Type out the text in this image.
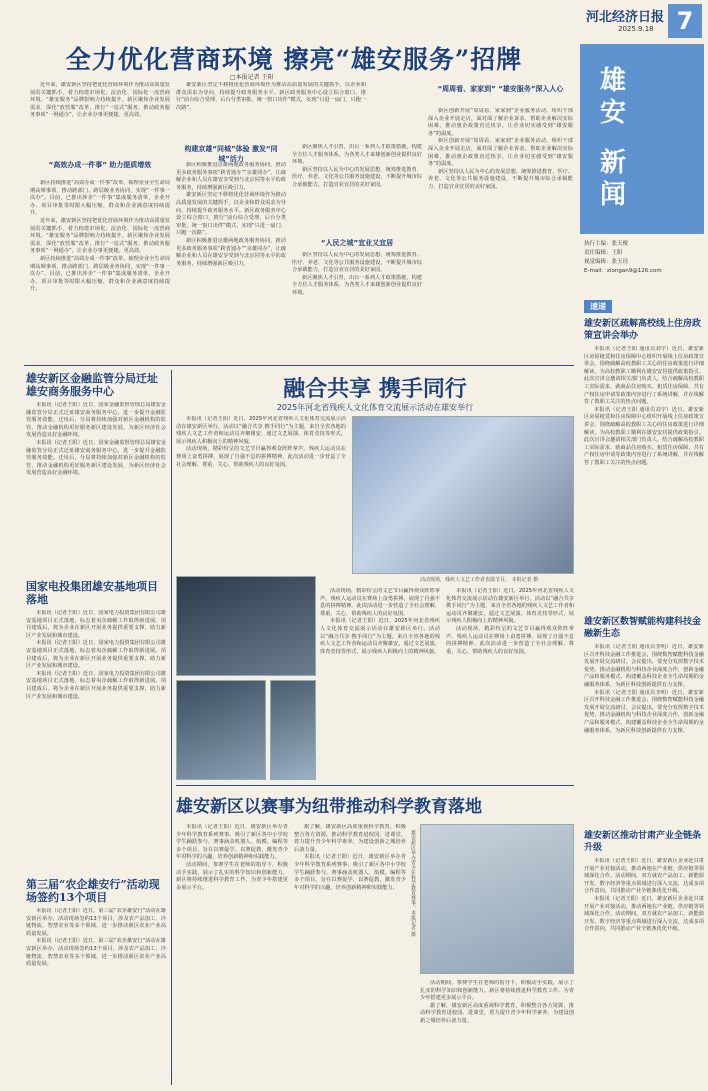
河北经济日报
2025.9.18 7
全力优化营商环境 擦亮“雄安服务”招牌
□本报记者 王阳

近年来，雄安新区坚持把优化营商环境作为推动高质量发展的关键抓手，着力构建市场化、法治化、国际化一流营商环境，“雄安服务”品牌影响力持续提升。新区聚焦企业发展需求，深化“放管服”改革，推行“一站式”服务，推动政务服务事项“一网通办”，让企业办事更便捷、更高效。

“高效办成一件事” 助力提质增效

新区持续推进“高效办成一件事”改革，梳理企业全生命周期高频事项，推动跨部门、跨层级业务协同，实现“一件事一次办”。目前，已推出涉企“一件事”集成服务清单，企业开办、项目审批等时限大幅压缩，群众和企业满意度持续提升。

近年来，雄安新区坚持把优化营商环境作为推动高质量发展的关键抓手，着力构建市场化、法治化、国际化一流营商环境，“雄安服务”品牌影响力持续提升。新区聚焦企业发展需求，深化“放管服”改革，推行“一站式”服务，推动政务服务事项“一网通办”，让企业办事更便捷、更高效。

新区持续推进“高效办成一件事”改革，梳理企业全生命周期高频事项，推动跨部门、跨层级业务协同，实现“一件事一次办”。目前，已推出涉企“一件事”集成服务清单，企业开办、项目审批等时限大幅压缩，群众和企业满意度持续提升。

雄安新区坚定不移将优化营商环境作为推动高质量发展的关键抓手，以企业和群众需求为导向，持续提升政务服务水平。新区政务服务中心设立综合窗口，推行“前台综合受理、后台分类审批、统一窗口出件”模式，实现“只进一扇门、只跑一次路”。

构建京雄“同城”体验 激发“同城”活力

新区积极推进京雄两地政务服务协同，推动更多政务服务事项“跨省通办”“京雄同办”，让疏解企业和人员在雄安享受到与北京同等水平的政务服务，持续增强新区吸引力。

雄安新区坚定不移将优化营商环境作为推动高质量发展的关键抓手，以企业和群众需求为导向，持续提升政务服务水平。新区政务服务中心设立综合窗口，推行“前台综合受理、后台分类审批、统一窗口出件”模式，实现“只进一扇门、只跑一次路”。

新区积极推进京雄两地政务服务协同，推动更多政务服务事项“跨省通办”“京雄同办”，让疏解企业和人员在雄安享受到与北京同等水平的政务服务，持续增强新区吸引力。

新区聚焦人才引育，出台一系列人才政策措施，构建全方位人才服务体系，为各类人才来雄创新创业提供良好环境。

新区坚持以人民为中心的发展思想，统筹推进教育、医疗、养老、文化等公共服务设施建设，不断提升城市综合承载能力，打造宜业宜居的美好家园。

“人民之城”宜业又宜居

新区坚持以人民为中心的发展思想，统筹推进教育、医疗、养老、文化等公共服务设施建设，不断提升城市综合承载能力，打造宜业宜居的美好家园。

新区聚焦人才引育，出台一系列人才政策措施，构建全方位人才服务体系，为各类人才来雄创新创业提供良好环境。

“周周看、家家到” “雄安服务”深入人心

新区创新开展“周周看、家家到”企业服务活动，组织干部深入企业开展走访，面对面了解企业诉求，帮助企业解决实际困难，推动惠企政策直达快享，让企业切实感受到“雄安服务”的温度。

新区创新开展“周周看、家家到”企业服务活动，组织干部深入企业开展走访，面对面了解企业诉求，帮助企业解决实际困难，推动惠企政策直达快享，让企业切实感受到“雄安服务”的温度。

新区坚持以人民为中心的发展思想，统筹推进教育、医疗、养老、文化等公共服务设施建设，不断提升城市综合承载能力，打造宜业宜居的美好家园。

雄安新区金融监管分局迁址雄安商务服务中心

本报讯（记者王阳）近日，国家金融监督管理总局雄安金融监管分局正式迁址雄安商务服务中心，进一步提升金融监管服务效能。迁址后，分局将持续加强对新区金融机构的监管，推动金融机构更好服务新区建设发展，为新区经济社会发展营造良好金融环境。

本报讯（记者王阳）近日，国家金融监督管理总局雄安金融监管分局正式迁址雄安商务服务中心，进一步提升金融监管服务效能。迁址后，分局将持续加强对新区金融机构的监管，推动金融机构更好服务新区建设发展，为新区经济社会发展营造良好金融环境。

国家电投集团雄安基地项目落地

本报讯（记者王阳）近日，国家电力投资集团有限公司雄安基地项目正式落地，标志着央企疏解工作取得新进展。项目建成后，将为企业在新区开展业务提供重要支撑，助力新区产业发展和城市建设。

本报讯（记者王阳）近日，国家电力投资集团有限公司雄安基地项目正式落地，标志着央企疏解工作取得新进展。项目建成后，将为企业在新区开展业务提供重要支撑，助力新区产业发展和城市建设。

本报讯（记者王阳）近日，国家电力投资集团有限公司雄安基地项目正式落地，标志着央企疏解工作取得新进展。项目建成后，将为企业在新区开展业务提供重要支撑，助力新区产业发展和城市建设。

第三届“农企雄安行”活动现场签约13个项目

本报讯（记者王阳）近日，第三届“农企雄安行”活动在雄安新区举办，活动现场签约13个项目，涉及农产品加工、冷链物流、智慧农业等多个领域，进一步推动新区农业产业高质量发展。

本报讯（记者王阳）近日，第三届“农企雄安行”活动在雄安新区举办，活动现场签约13个项目，涉及农产品加工、冷链物流、智慧农业等多个领域，进一步推动新区农业产业高质量发展。

融合共享 携手同行
2025年河北省残疾人文化体育交流展示活动在雄安举行
活动现场，残疾人文艺工作者表演节目。 本报记者 摄

本报讯（记者王阳）近日，2025年河北省残疾人文化体育交流展示活动在雄安新区举行。活动以“融合共享 携手同行”为主题，来自全省各地的残疾人文艺工作者和运动员齐聚雄安，通过文艺展演、体育竞技等形式，展示残疾人积极向上的精神风貌。

活动现场，精彩纷呈的文艺节目赢得观众阵阵掌声。残疾人运动员在赛场上奋勇拼搏，展现了自强不息的拼搏精神。此次活动进一步营造了全社会理解、尊重、关心、帮助残疾人的良好氛围。

活动现场，精彩纷呈的文艺节目赢得观众阵阵掌声。残疾人运动员在赛场上奋勇拼搏，展现了自强不息的拼搏精神。此次活动进一步营造了全社会理解、尊重、关心、帮助残疾人的良好氛围。

本报讯（记者王阳）近日，2025年河北省残疾人文化体育交流展示活动在雄安新区举行。活动以“融合共享 携手同行”为主题，来自全省各地的残疾人文艺工作者和运动员齐聚雄安，通过文艺展演、体育竞技等形式，展示残疾人积极向上的精神风貌。

本报讯（记者王阳）近日，2025年河北省残疾人文化体育交流展示活动在雄安新区举行。活动以“融合共享 携手同行”为主题，来自全省各地的残疾人文艺工作者和运动员齐聚雄安，通过文艺展演、体育竞技等形式，展示残疾人积极向上的精神风貌。

活动现场，精彩纷呈的文艺节目赢得观众阵阵掌声。残疾人运动员在赛场上奋勇拼搏，展现了自强不息的拼搏精神。此次活动进一步营造了全社会理解、尊重、关心、帮助残疾人的良好氛围。

雄安新区以赛事为纽带推动科学教育落地
雄安新区举办青少年科学教育赛事。本报记者 摄

本报讯（记者王阳）近日，雄安新区举办青少年科学教育系列赛事，吸引了新区各中小学校学生踊跃参与。赛事涵盖机器人、航模、编程等多个项目，旨在以赛促学、以赛促教，激发青少年对科学的兴趣，培养创新精神和实践能力。

活动期间，参赛学生在老师的指导下，积极动手实践，展示了扎实的科学知识和创新能力。新区将持续推进科学教育工作，为青少年搭建更多展示平台。

据了解，雄安新区高度重视科学教育，积极整合各方资源，推动科学教育进校园、进课堂，着力提升青少年科学素养，为建设创新之城培养后备力量。

本报讯（记者王阳）近日，雄安新区举办青少年科学教育系列赛事，吸引了新区各中小学校学生踊跃参与。赛事涵盖机器人、航模、编程等多个项目，旨在以赛促学、以赛促教，激发青少年对科学的兴趣，培养创新精神和实践能力。

活动期间，参赛学生在老师的指导下，积极动手实践，展示了扎实的科学知识和创新能力。新区将持续推进科学教育工作，为青少年搭建更多展示平台。

据了解，雄安新区高度重视科学教育，积极整合各方资源，推动科学教育进校园、进课堂，着力提升青少年科学素养，为建设创新之城培养后备力量。

雄
安
新
闻
执行主编：张天俊
责任编辑：王阳
视觉编辑：张玉珏
E-mail：xiongan9@126.com
速递
雄安新区疏解高校线上住房政策宣讲会举办

本报讯（记者王阳 通讯员刘宇）近日，雄安新区房屋租赁和住房保障中心组织开展线上住房政策宣讲会，围绕疏解高校教职工关心的住房政策进行详细解读，为高校教职工顺利在雄安安居提供政策指引。此次宣讲会邀请相关部门负责人，结合疏解高校教职工实际需求，就商品住房购买、租赁住房保障、共有产权住房申请等政策内容进行了系统讲解，并在线解答了教职工关注的热点问题。

本报讯（记者王阳 通讯员刘宇）近日，雄安新区房屋租赁和住房保障中心组织开展线上住房政策宣讲会，围绕疏解高校教职工关心的住房政策进行详细解读，为高校教职工顺利在雄安安居提供政策指引。此次宣讲会邀请相关部门负责人，结合疏解高校教职工实际需求，就商品住房购买、租赁住房保障、共有产权住房申请等政策内容进行了系统讲解，并在线解答了教职工关注的热点问题。

雄安新区数智赋能构建科技金融新生态

本报讯（记者王阳 通讯员李明）近日，雄安新区召开科技金融工作推进会，围绕数智赋能科技金融发展开展交流研讨。会议提出，要充分发挥数字技术优势，推动金融机构与科技企业深度合作，创新金融产品和服务模式，构建覆盖科技企业全生命周期的金融服务体系，为新区科技创新提供有力支撑。

本报讯（记者王阳 通讯员李明）近日，雄安新区召开科技金融工作推进会，围绕数智赋能科技金融发展开展交流研讨。会议提出，要充分发挥数字技术优势，推动金融机构与科技企业深度合作，创新金融产品和服务模式，构建覆盖科技企业全生命周期的金融服务体系，为新区科技创新提供有力支撑。

雄安新区推动甘肃产业全链条升级

本报讯（记者王阳）近日，雄安新区企业赴甘肃开展产业对接活动，推动两地在产业链、供应链等领域深化合作。活动期间，双方就农产品加工、新能源开发、数字经济等重点领域进行深入交流，达成多项合作意向，共同推动产业全链条优化升级。

本报讯（记者王阳）近日，雄安新区企业赴甘肃开展产业对接活动，推动两地在产业链、供应链等领域深化合作。活动期间，双方就农产品加工、新能源开发、数字经济等重点领域进行深入交流，达成多项合作意向，共同推动产业全链条优化升级。
